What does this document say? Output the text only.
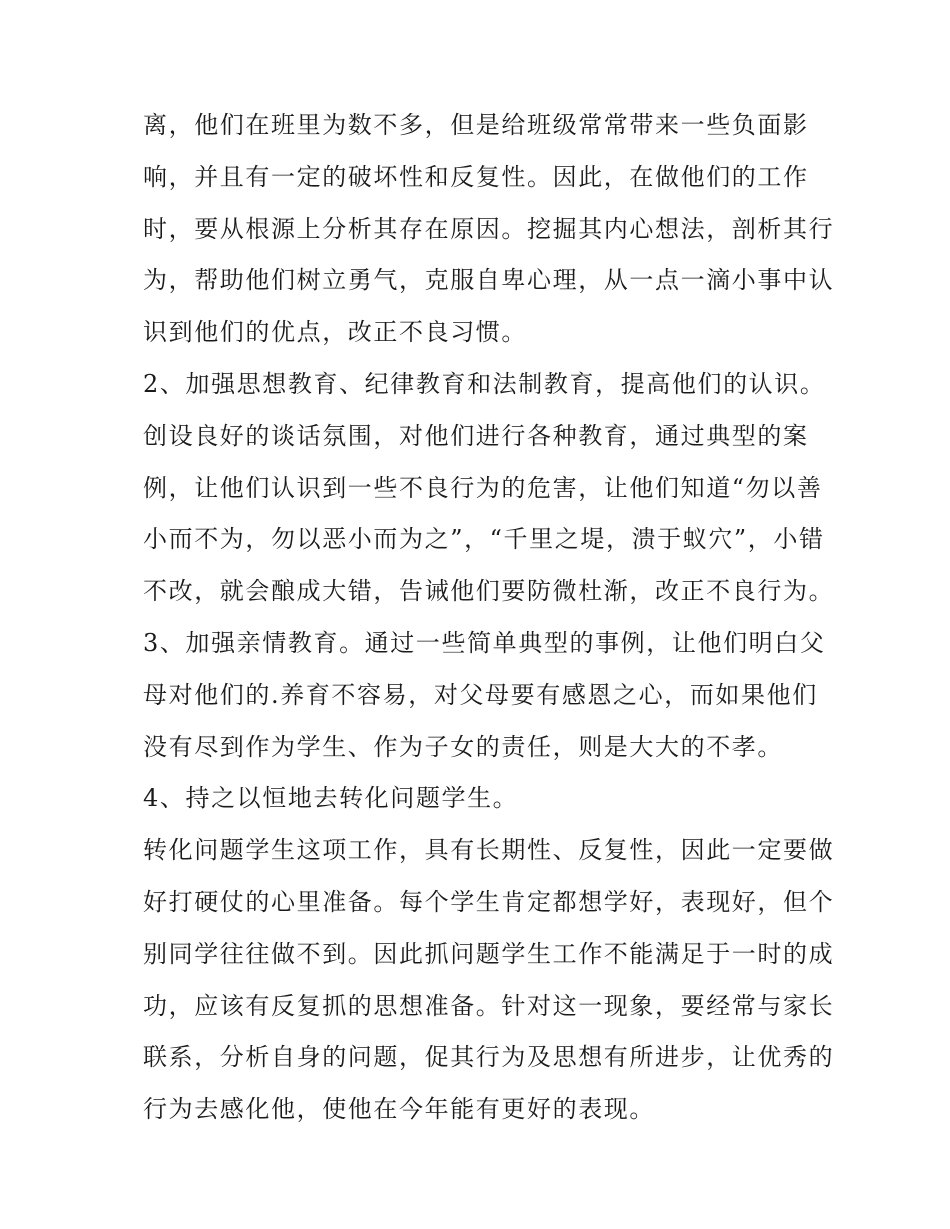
离，他们在班里为数不多，但是给班级常常带来一些负面影
响，并且有一定的破坏性和反复性。因此，在做他们的工作
时，要从根源上分析其存在原因。挖掘其内心想法，剖析其行
为，帮助他们树立勇气，克服自卑心理，从一点一滴小事中认
识到他们的优点，改正不良习惯。
2、加强思想教育、纪律教育和法制教育，提高他们的认识。
创设良好的谈话氛围，对他们进行各种教育，通过典型的案
例，让他们认识到一些不良行为的危害，让他们知道“勿以善
小而不为，勿以恶小而为之”，“千里之堤，溃于蚁穴”，小错
不改，就会酿成大错，告诫他们要防微杜渐，改正不良行为。
3、加强亲情教育。通过一些简单典型的事例，让他们明白父
母对他们的.养育不容易，对父母要有感恩之心，而如果他们
没有尽到作为学生、作为子女的责任，则是大大的不孝。
4、持之以恒地去转化问题学生。
转化问题学生这项工作，具有长期性、反复性，因此一定要做
好打硬仗的心里准备。每个学生肯定都想学好，表现好，但个
别同学往往做不到。因此抓问题学生工作不能满足于一时的成
功，应该有反复抓的思想准备。针对这一现象，要经常与家长
联系，分析自身的问题，促其行为及思想有所进步，让优秀的
行为去感化他，使他在今年能有更好的表现。
